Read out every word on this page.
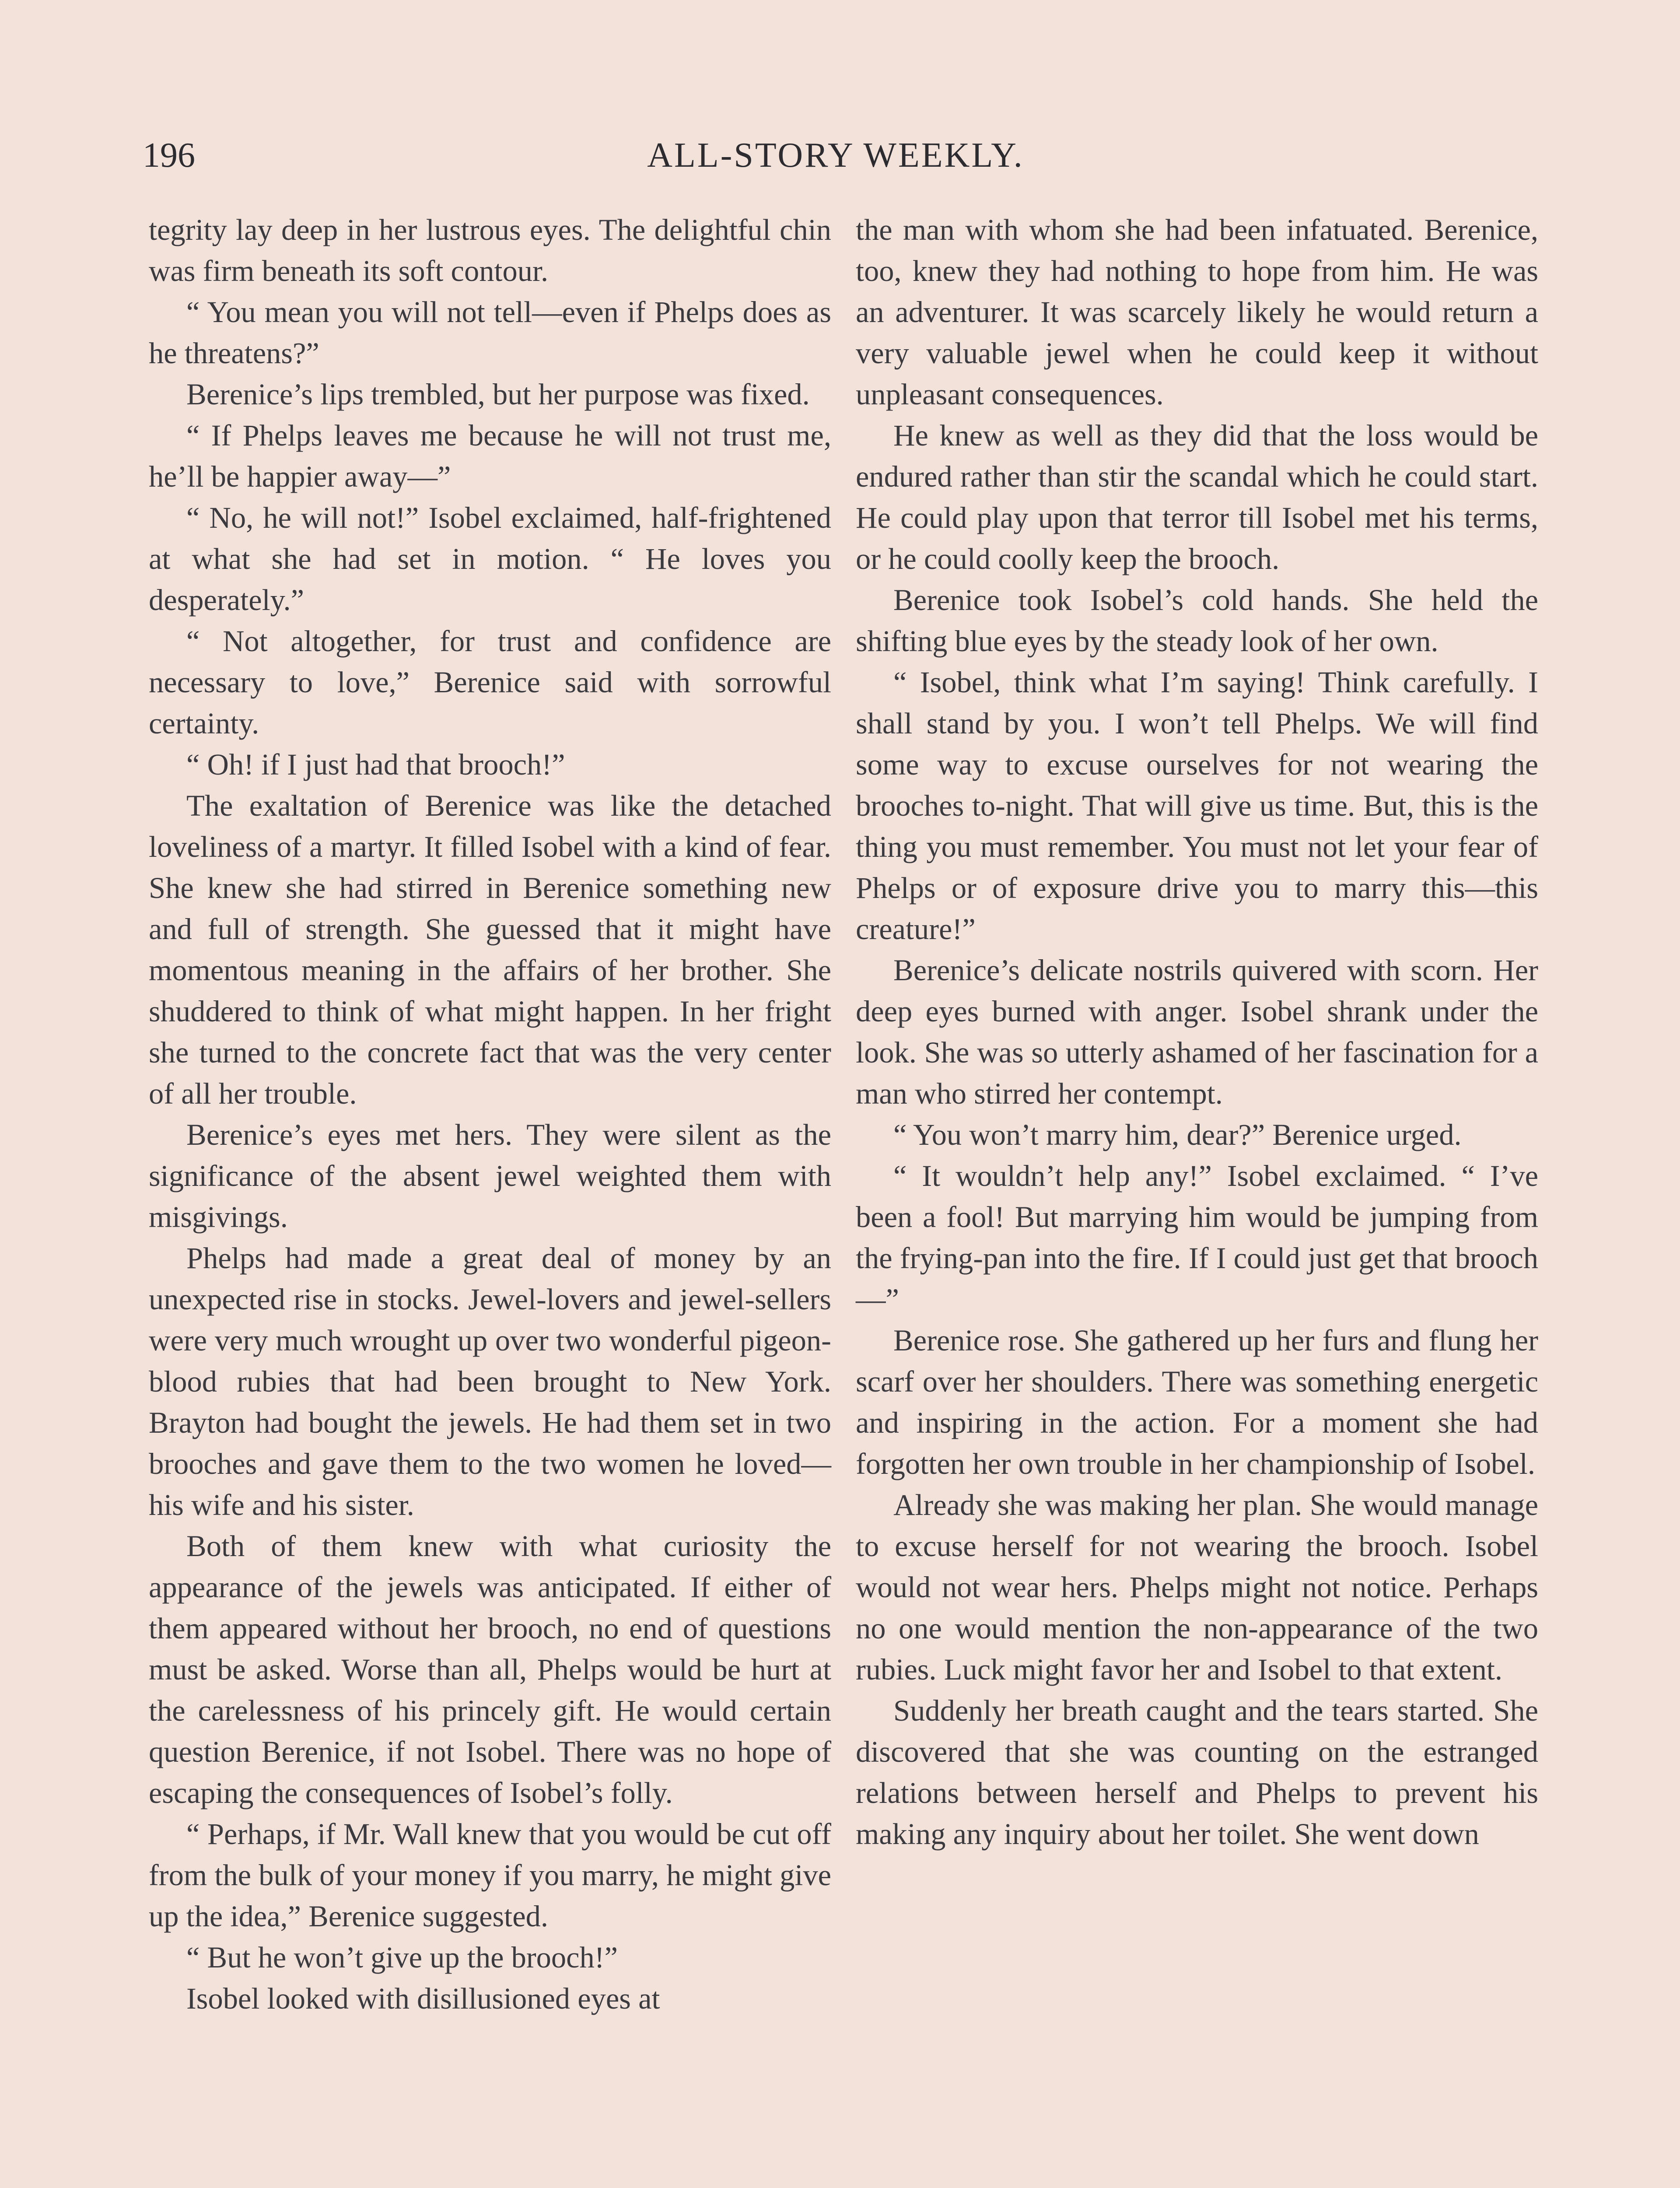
196	ALL-STORY WEEKLY.

tegrity lay deep in her lustrous eyes. The delightful chin was firm beneath its soft contour.

“ You mean you will not tell—even if Phelps does as he threatens?”

Berenice’s lips trembled, but her purpose was fixed.

“ If Phelps leaves me because he will not trust me, he’ll be happier away—”

“ No, he will not!” Isobel exclaimed, half-frightened at what she had set in motion. “ He loves you desperately.”

“ Not altogether, for trust and confidence are necessary to love,” Berenice said with sorrowful certainty.

“ Oh! if I just had that brooch!”

The exaltation of Berenice was like the detached loveliness of a martyr. It filled Isobel with a kind of fear. She knew she had stirred in Berenice something new and full of strength. She guessed that it might have momentous meaning in the affairs of her brother. She shuddered to think of what might happen. In her fright she turned to the concrete fact that was the very center of all her trouble.

Berenice’s eyes met hers. They were silent as the significance of the absent jewel weighted them with misgivings.

Phelps had made a great deal of money by an unexpected rise in stocks. Jewel-lovers and jewel-sellers were very much wrought up over two wonderful pigeon-blood rubies that had been brought to New York. Brayton had bought the jewels. He had them set in two brooches and gave them to the two women he loved—his wife and his sister.

Both of them knew with what curiosity the appearance of the jewels was anticipated. If either of them appeared without her brooch, no end of questions must be asked. Worse than all, Phelps would be hurt at the carelessness of his princely gift. He would certain question Berenice, if not Isobel. There was no hope of escaping the consequences of Isobel’s folly.

“ Perhaps, if Mr. Wall knew that you would be cut off from the bulk of your money if you marry, he might give up the idea,” Berenice suggested.

“ But he won’t give up the brooch!”

Isobel looked with disillusioned eyes at

the man with whom she had been infatuated. Berenice, too, knew they had nothing to hope from him. He was an adventurer. It was scarcely likely he would return a very valuable jewel when he could keep it without unpleasant consequences.

He knew as well as they did that the loss would be endured rather than stir the scandal which he could start. He could play upon that terror till Isobel met his terms, or he could coolly keep the brooch.

Berenice took Isobel’s cold hands. She held the shifting blue eyes by the steady look of her own.

“ Isobel, think what I’m saying! Think carefully. I shall stand by you. I won’t tell Phelps. We will find some way to excuse ourselves for not wearing the brooches to-night. That will give us time. But, this is the thing you must remember. You must not let your fear of Phelps or of exposure drive you to marry this—this creature!”

Berenice’s delicate nostrils quivered with scorn. Her deep eyes burned with anger. Isobel shrank under the look. She was so utterly ashamed of her fascination for a man who stirred her contempt.

“ You won’t marry him, dear?” Berenice urged.

“ It wouldn’t help any!” Isobel exclaimed. “ I’ve been a fool! But marrying him would be jumping from the frying-pan into the fire. If I could just get that brooch—”

Berenice rose. She gathered up her furs and flung her scarf over her shoulders. There was something energetic and inspiring in the action. For a moment she had forgotten her own trouble in her championship of Isobel.

Already she was making her plan. She would manage to excuse herself for not wearing the brooch. Isobel would not wear hers. Phelps might not notice. Perhaps no one would mention the non-appearance of the two rubies. Luck might favor her and Isobel to that extent.

Suddenly her breath caught and the tears started. She discovered that she was counting on the estranged relations between herself and Phelps to prevent his making any inquiry about her toilet. She went down
